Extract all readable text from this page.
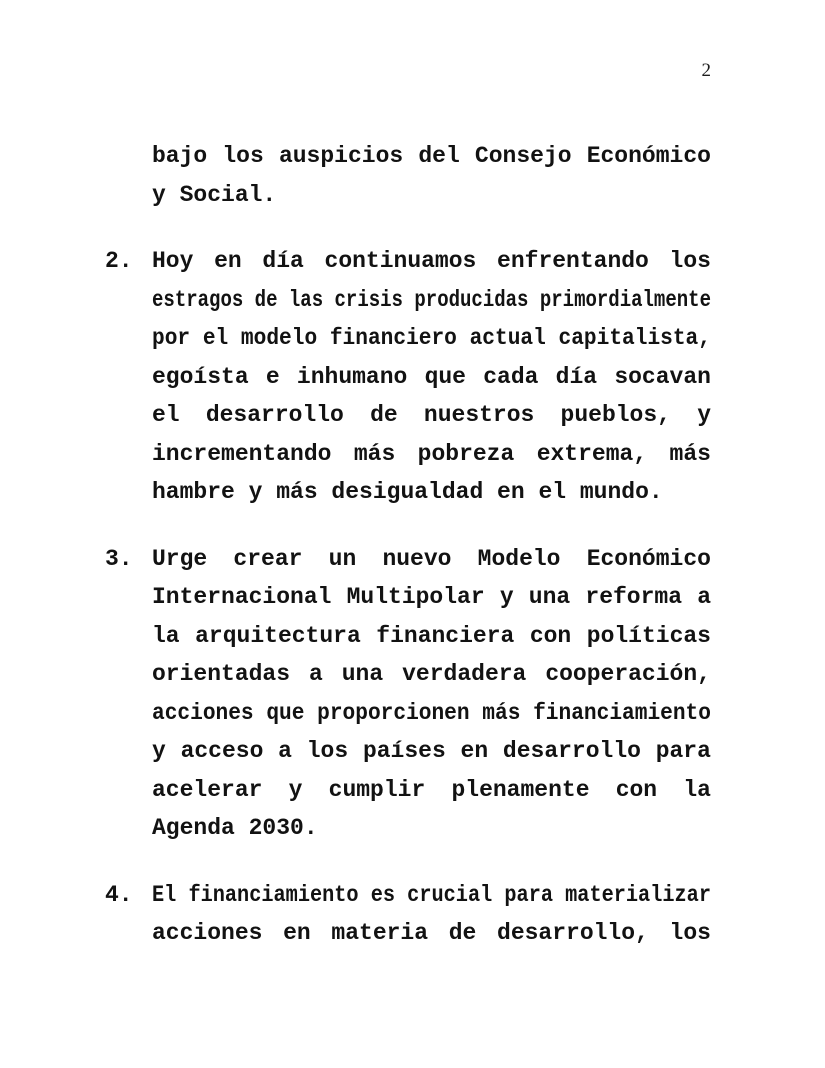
2
bajo los auspicios del Consejo Económico
y Social.
2. Hoy en día continuamos enfrentando los
estragos de las crisis producidas primordialmente
por el modelo financiero actual capitalista,
egoísta e inhumano que cada día socavan
el desarrollo de nuestros pueblos, y
incrementando más pobreza extrema, más
hambre y más desigualdad en el mundo.
3. Urge crear un nuevo Modelo Económico
Internacional Multipolar y una reforma a
la arquitectura financiera con políticas
orientadas a una verdadera cooperación,
acciones que proporcionen más financiamiento
y acceso a los países en desarrollo para
acelerar y cumplir plenamente con la
Agenda 2030.
4. El financiamiento es crucial para materializar
acciones en materia de desarrollo, los
